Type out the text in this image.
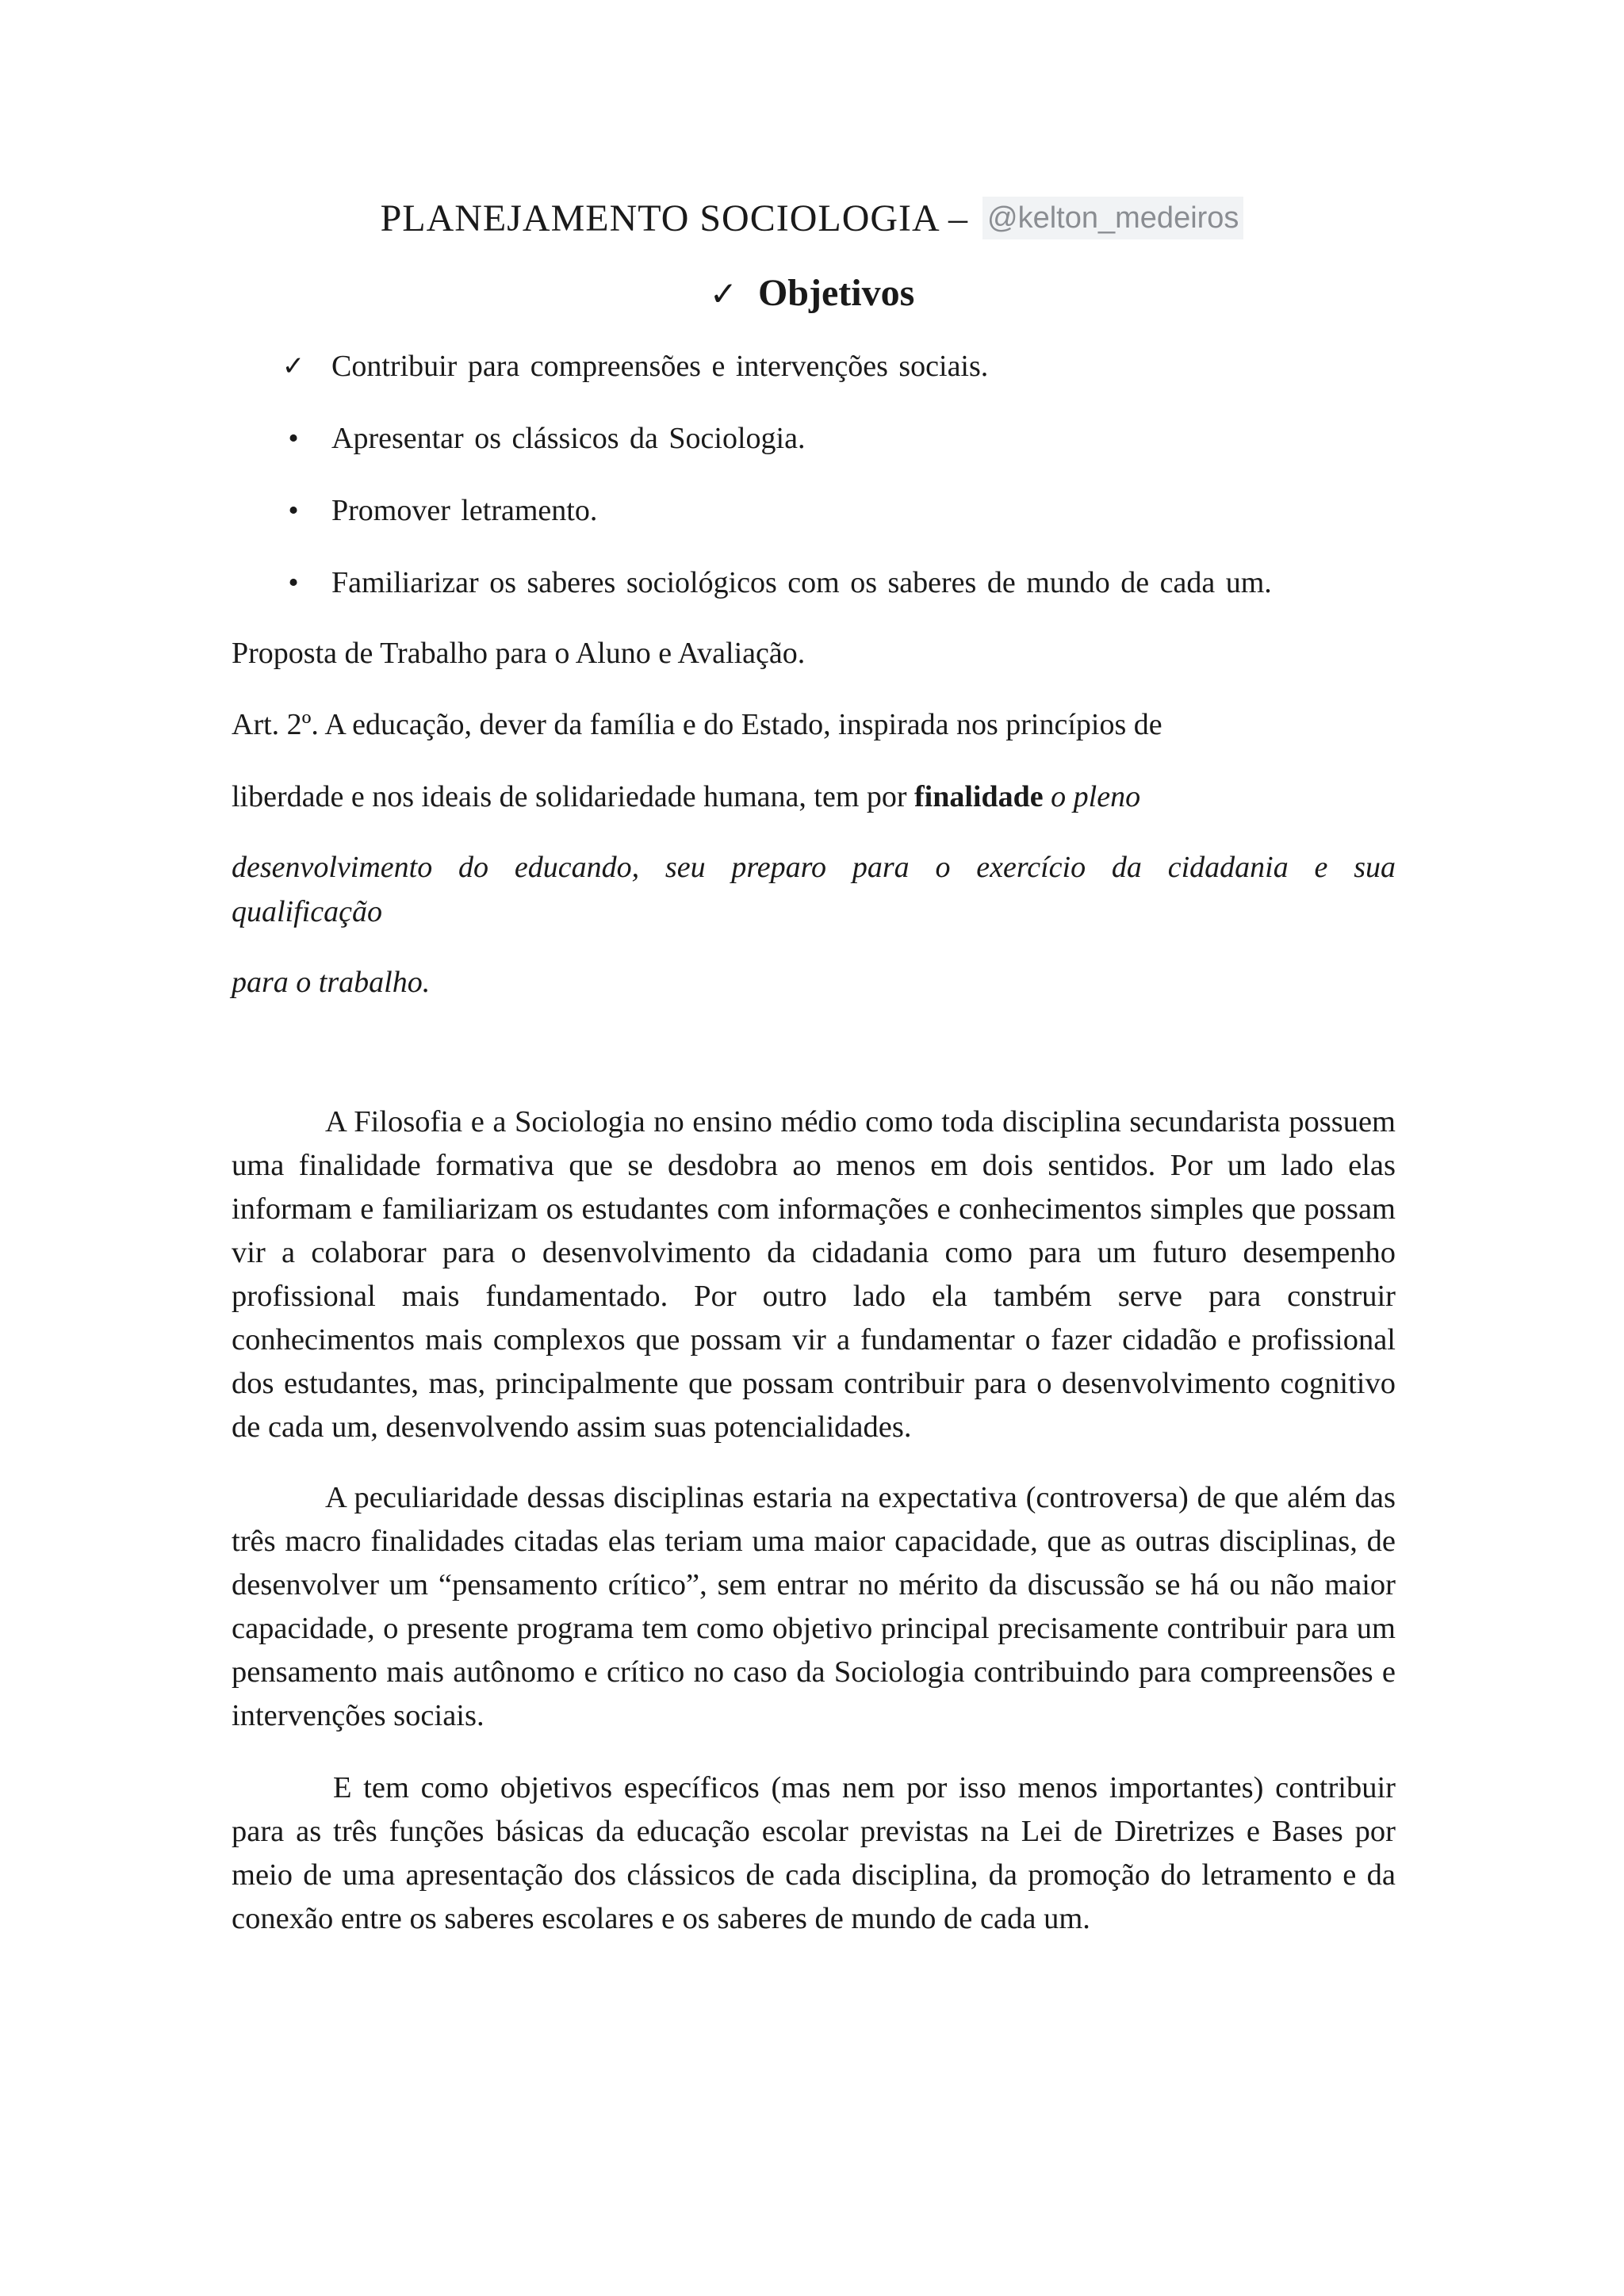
PLANEJAMENTO SOCIOLOGIA – @kelton_medeiros
✓ Objetivos
✓ Contribuir para compreensões e intervenções sociais.
•	Apresentar os clássicos da Sociologia.
•	Promover letramento.
•	Familiarizar os saberes sociológicos com os saberes de mundo de cada um.
Proposta de Trabalho para o Aluno e Avaliação.
Art. 2º. A educação, dever da família e do Estado, inspirada nos princípios de
liberdade e nos ideais de solidariedade humana, tem por finalidade o pleno
desenvolvimento do educando, seu preparo para o exercício da cidadania e sua
qualificação
para o trabalho.

A Filosofia e a Sociologia no ensino médio como toda disciplina secundarista possuem uma finalidade formativa que se desdobra ao menos em dois sentidos. Por um lado elas informam e familiarizam os estudantes com informações e conhecimentos simples que possam vir a colaborar para o desenvolvimento da cidadania como para um futuro desempenho profissional mais fundamentado. Por outro lado ela também serve para construir conhecimentos mais complexos que possam vir a fundamentar o fazer cidadão e profissional dos estudantes, mas, principalmente que possam contribuir para o desenvolvimento cognitivo de cada um, desenvolvendo assim suas potencialidades.

A peculiaridade dessas disciplinas estaria na expectativa (controversa) de que além das três macro finalidades citadas elas teriam uma maior capacidade, que as outras disciplinas, de desenvolver um “pensamento crítico”, sem entrar no mérito da discussão se há ou não maior capacidade, o presente programa tem como objetivo principal precisamente contribuir para um pensamento mais autônomo e crítico no caso da Sociologia contribuindo para compreensões e intervenções sociais.

E tem como objetivos específicos (mas nem por isso menos importantes) contribuir para as três funções básicas da educação escolar previstas na Lei de Diretrizes e Bases por meio de uma apresentação dos clássicos de cada disciplina, da promoção do letramento e da conexão entre os saberes escolares e os saberes de mundo de cada um.
